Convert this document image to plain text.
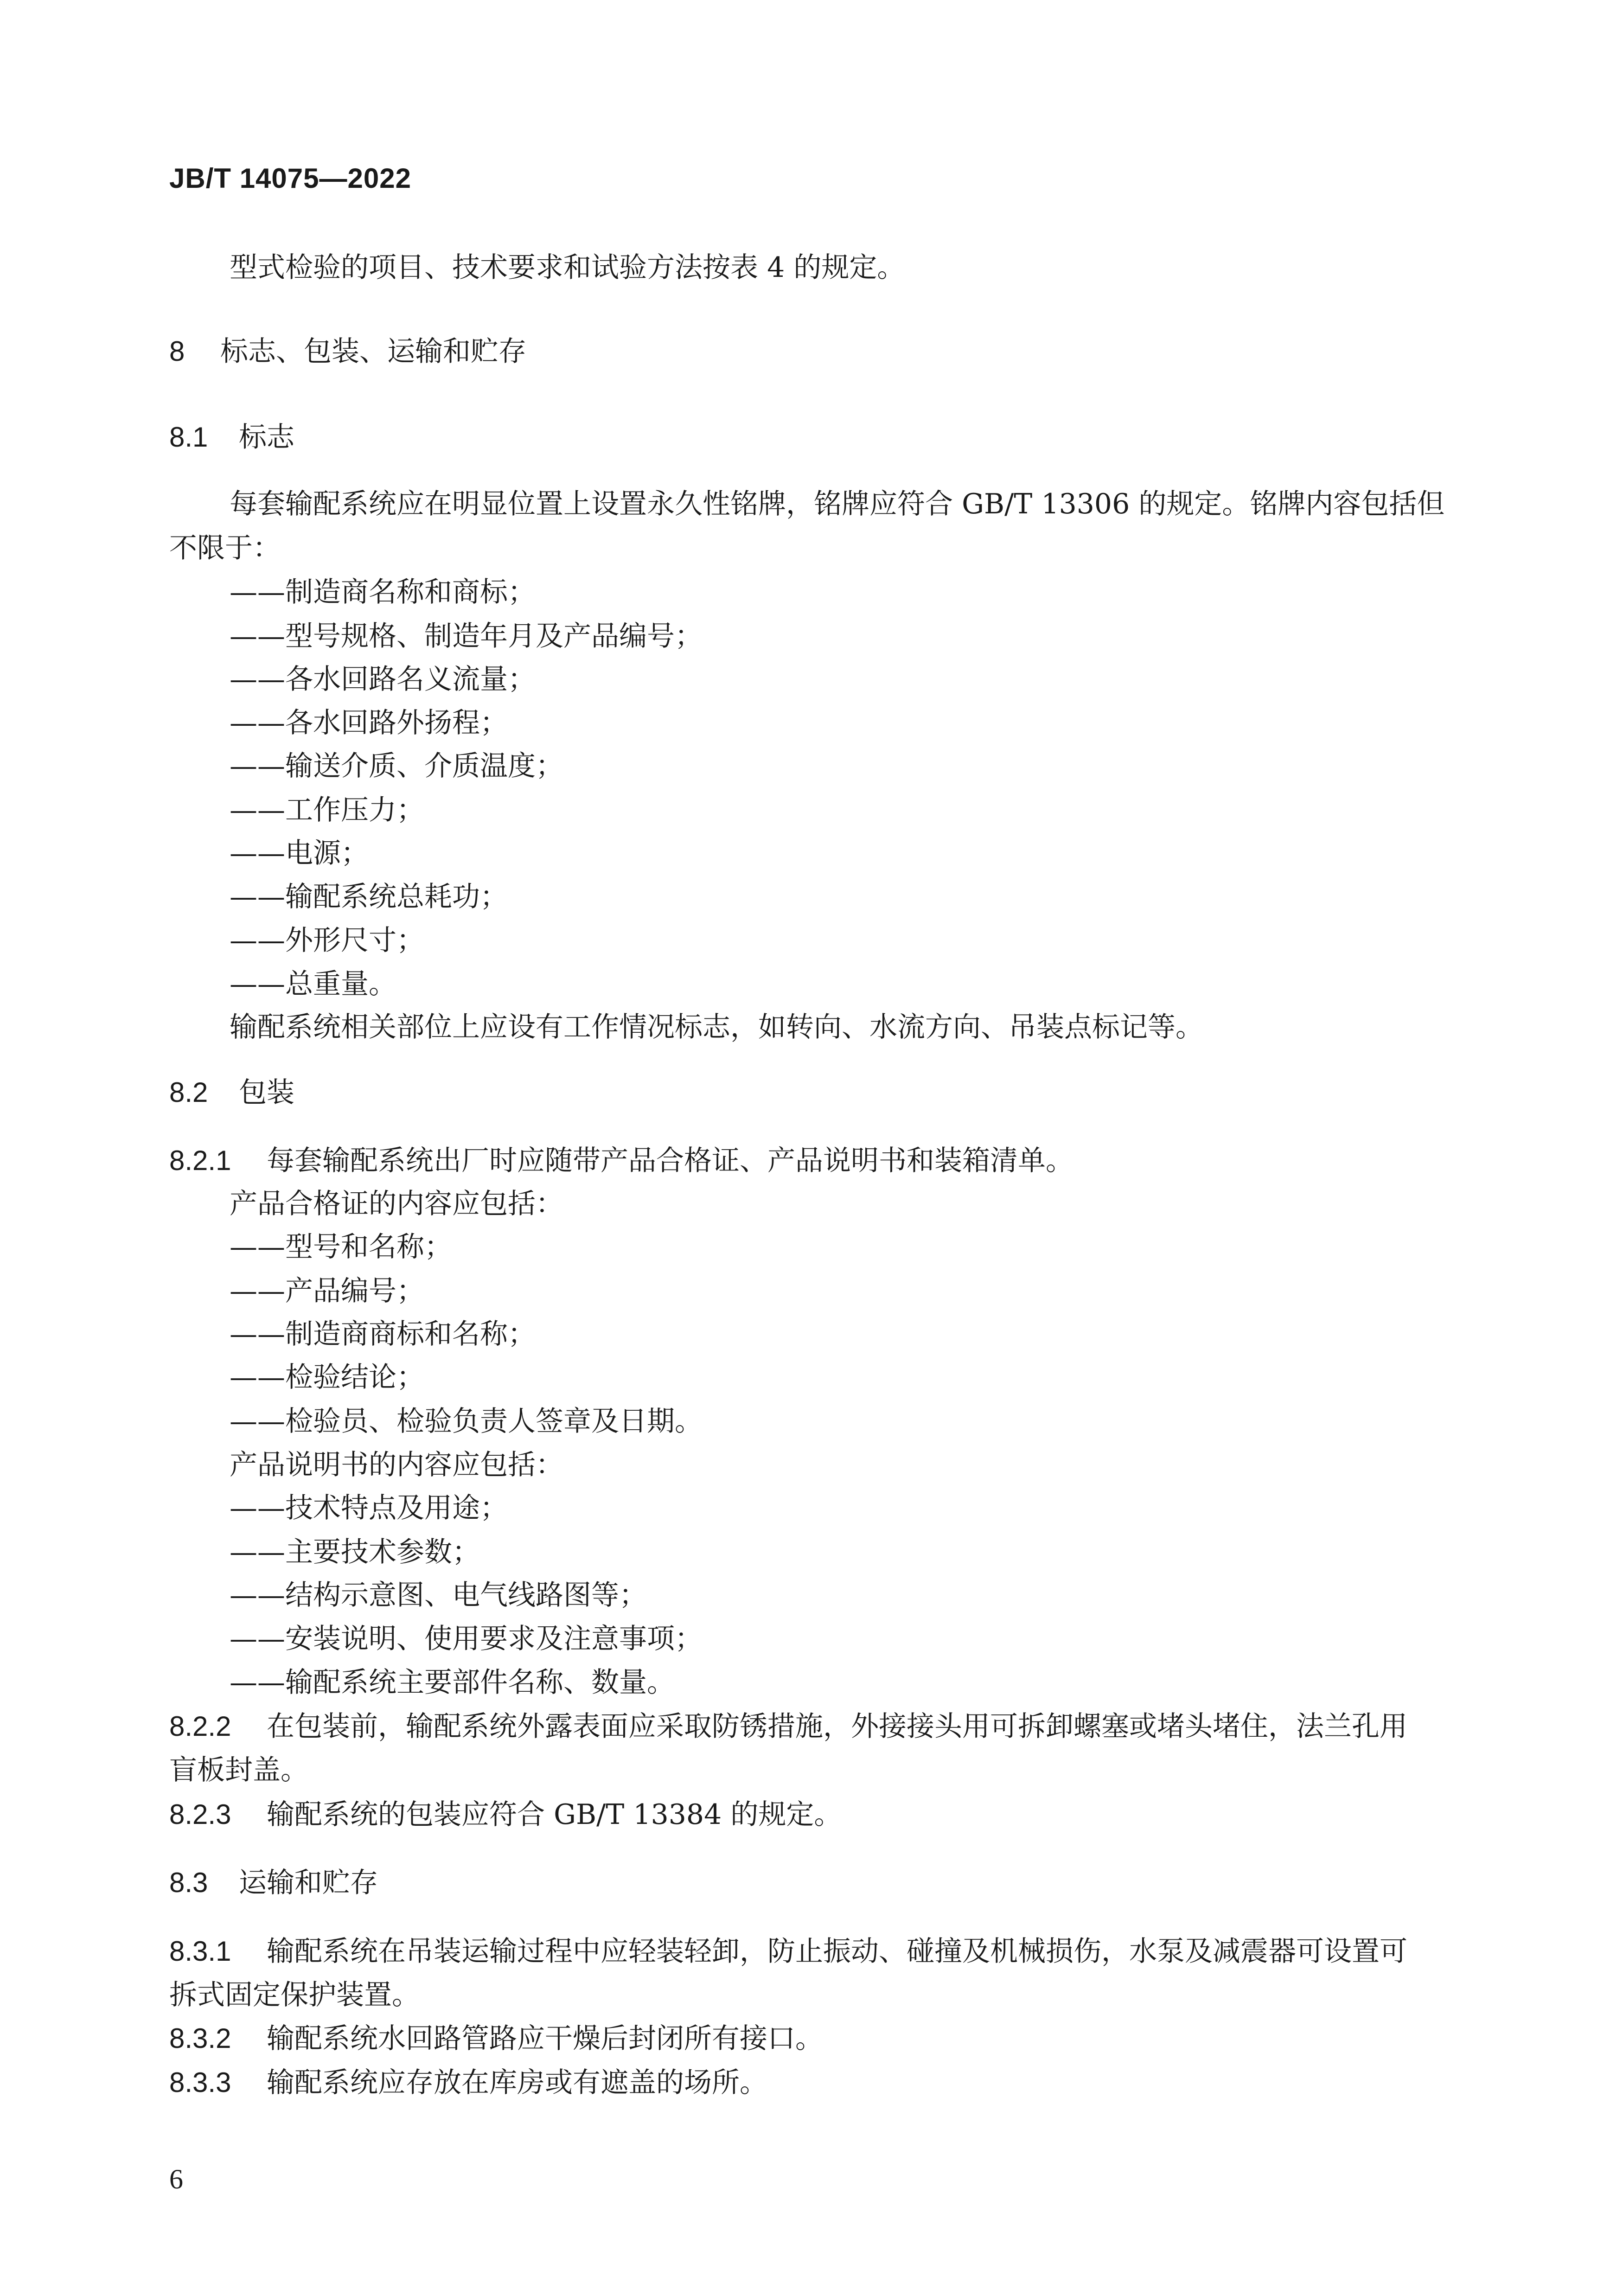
JB/T 14075—2022
型式检验的项目、技术要求和试验方法按表 4 的规定。
8 标志、包装、运输和贮存
8.1 标志
每套输配系统应在明显位置上设置永久性铭牌，铭牌应符合 GB/T 13306 的规定。铭牌内容包括但
不限于：
——制造商名称和商标；
——型号规格、制造年月及产品编号；
——各水回路名义流量；
——各水回路外扬程；
——输送介质、介质温度；
——工作压力；
——电源；
——输配系统总耗功；
——外形尺寸；
——总重量。
输配系统相关部位上应设有工作情况标志，如转向、水流方向、吊装点标记等。
8.2 包装
8.2.1 每套输配系统出厂时应随带产品合格证、产品说明书和装箱清单。
产品合格证的内容应包括：
——型号和名称；
——产品编号；
——制造商商标和名称；
——检验结论；
——检验员、检验负责人签章及日期。
产品说明书的内容应包括：
——技术特点及用途；
——主要技术参数；
——结构示意图、电气线路图等；
——安装说明、使用要求及注意事项；
——输配系统主要部件名称、数量。
8.2.2 在包装前，输配系统外露表面应采取防锈措施，外接接头用可拆卸螺塞或堵头堵住，法兰孔用
盲板封盖。
8.2.3 输配系统的包装应符合 GB/T 13384 的规定。
8.3 运输和贮存
8.3.1 输配系统在吊装运输过程中应轻装轻卸，防止振动、碰撞及机械损伤，水泵及减震器可设置可
拆式固定保护装置。
8.3.2 输配系统水回路管路应干燥后封闭所有接口。
8.3.3 输配系统应存放在库房或有遮盖的场所。
6
